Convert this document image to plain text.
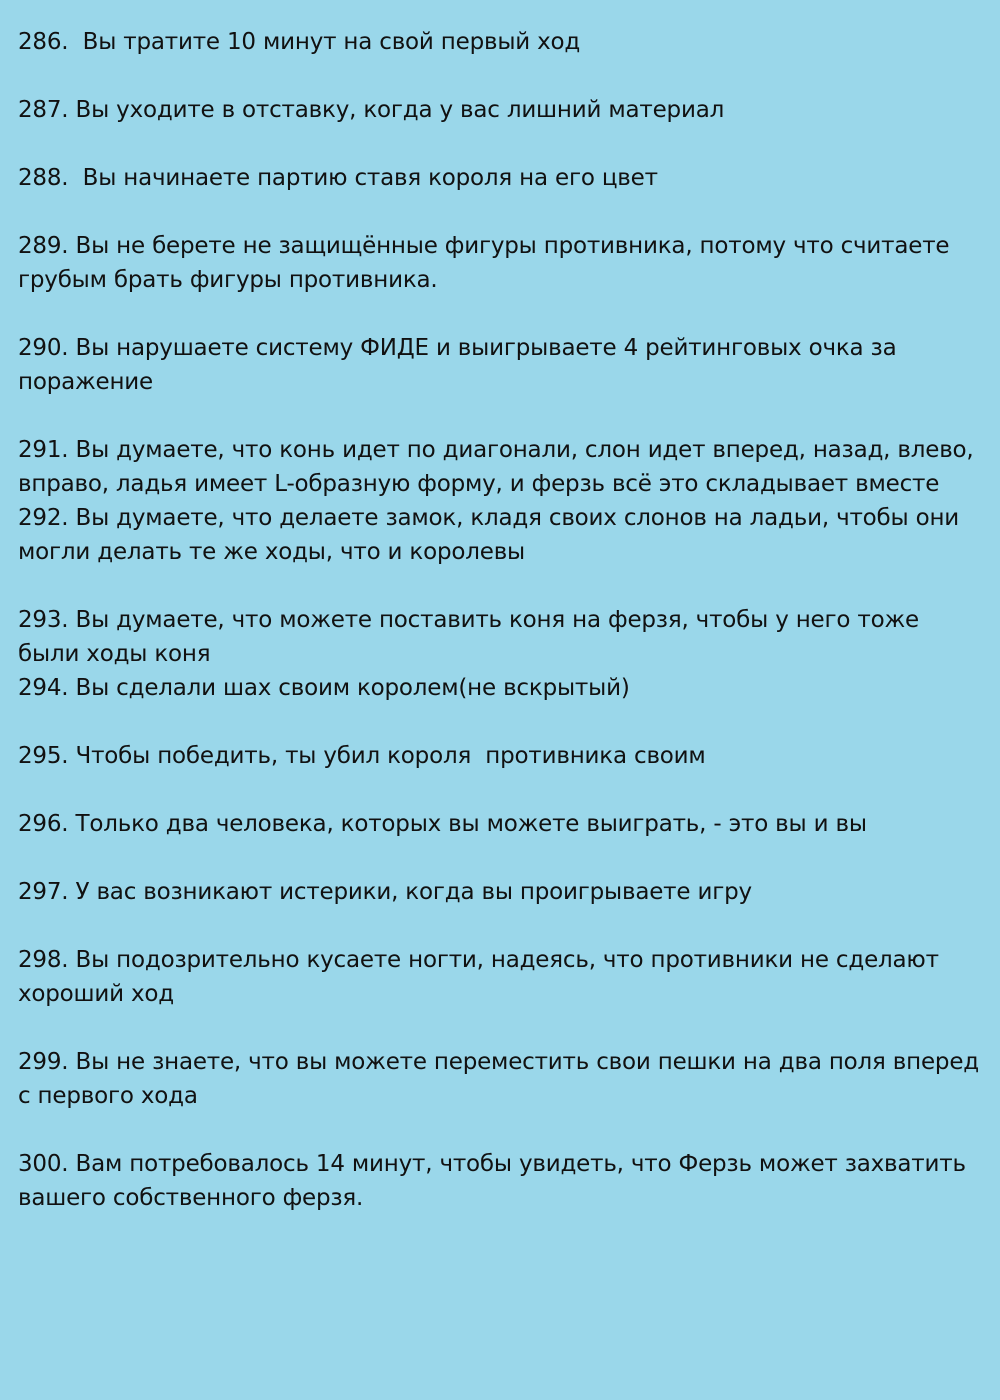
286.  Вы тратите 10 минут на свой первый ход
287. Вы уходите в отставку, когда у вас лишний материал
288.  Вы начинаете партию ставя короля на его цвет
289. Вы не берете не защищённые фигуры противника, потому что считаете грубым брать фигуры противника.
290. Вы нарушаете систему ФИДЕ и выигрываете 4 рейтинговых очка за поражение
291. Вы думаете, что конь идет по диагонали, слон идет вперед, назад, влево, вправо, ладья имеет L-образную форму, и ферзь всё это складывает вместе
292. Вы думаете, что делаете замок, кладя своих слонов на ладьи, чтобы они могли делать те же ходы, что и королевы
293. Вы думаете, что можете поставить коня на ферзя, чтобы у него тоже были ходы коня
294. Вы сделали шах своим королем(не вскрытый)
295. Чтобы победить, ты убил короля  противника своим
296. Только два человека, которых вы можете выиграть, - это вы и вы
297. У вас возникают истерики, когда вы проигрываете игру
298. Вы подозрительно кусаете ногти, надеясь, что противники не сделают хороший ход
299. Вы не знаете, что вы можете переместить свои пешки на два поля вперед с первого хода
300. Вам потребовалось 14 минут, чтобы увидеть, что Ферзь может захватить вашего собственного ферзя.
